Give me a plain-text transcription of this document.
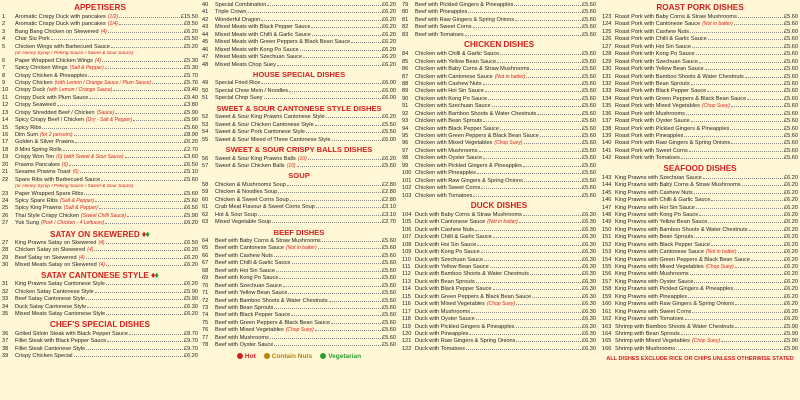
APPETISERS
1	Aromatic Crispy Duck with pancakes (1/2)	£15.50
2	Aromatic Crispy Duck with pancakes (1/4)	£8.50
3	Bang Bang Chicken on Skewered (4)	£6.20
4	Char Siu Pork	£5.50
5	Chicken Wings with Barbecued Sauce	£5.20
(or Honey Syrup / Peking Sauce / Sweet & Sour Sauce)
6	Paper Wrapped Chicken Wings (4)	£5.30
7	Spicy Chicken Wings (Salt & Pepper)	£5.30
8	Crispy Chicken & Pineapples	£5.70
9	Crispy Chicken (with Lemon / Orange Sauce / Plum Sauce)	£5.70
10	Crispy Duck (with Lemon / Orange Sauce)	£9.40
11	Crispy Duck with Plum Sauce	£9.40
12	Crispy Seaweed	£3.80
13	Crispy Shredded Beef / Chicken (Sauce)	£5.90
14	Spicy Crispy Beef / Chicken (Dry - Salt & Pepper)	£5.90
15	Spicy Ribs	£5.60
16	Dim Sum (for 2 persons)	£8.90
17	Golden & Silver Prawns	£6.20
18	8 Mini Spring Rolls	£2.70
19	Crispy Won Ton (6) (with Sweet & Sour Sauce)	£3.60
20	Prawns Pancakes (6)	£6.50
21	Sesame Prawns Toast (6)	£5.10
22	Spare Ribs with Barbecued Sauce	£5.60
(or Honey Syrup / Peking Sauce / Sweet & Sour Sauce)
23	Paper Wrapped Spare Ribs	£5.60
24	Spicy Spare Ribs (Salt & Pepper)	£5.60
25	Spicy King Prawns (Salt & Pepper)	£6.50
26	Thai Style Crispy Chicken (Sweet Chilli Sauce)	£5.90
27	Yuk Sung (Pork / Chicken - 4 Lettuces)	£6.20
SATAY ON SKEWERED ♦♦
27	King Prawns Satay on Skewered (4)	£6.50
28	Chicken Satay on Skewered (4)	£6.20
29	Beef Satay on Skewered (4)	£6.20
30	Mixed Meats Satay on Skewered (4)	£6.20
SATAY CANTONESE STYLE ♦♦
31	King Prawns Satay Cantonese Style	£6.20
32	Chicken Satay Cantonese Style	£5.90
33	Beef Satay Cantonese Style	£5.90
34	Duck Satay Cantonese Style	£6.30
35	Mixed Meats Satay Cantonese Style	£6.20
CHEF'S SPECIAL DISHES
36	Grilled Sirloin Steak with Black Pepper Sauce	£8.70
37	Fillet Steak with Black Pepper Sauce	£9.70
38	Fillet Steak Cantonese Style	£9.70
39	Crispy Chicken Special	£6.20
40	Special Combination	£6.20
41	Triple Crown	£6.20
42	Wonderful Dragon	£6.20
43	Mixed Meats with Black Pepper Sauce	£6.20
44	Mixed Meats with Chilli & Garlic Sauce	£6.20
45	Mixed Meats with Green Peppers & Black Bean Sauce	£6.20
46	Mixed Meats with Kong Po Sauce	£6.20
47	Mixed Meats with Szechuan Sauce	£6.20
48	Mixed Meats Chop Suey	£6.20
HOUSE SPECIAL DISHES
49	Special Fried Rice	£6.00
50	Special Chow Mein / Noodles	£6.00
51	Special Chop Suey	£6.00
SWEET & SOUR CANTONESE STYLE DISHES
52	Sweet & Sour King Prawns Cantonese Style	£6.20
53	Sweet & Sour Chicken Cantonese Style	£5.50
54	Sweet & Sour Pork Cantonese Style	£5.50
55	Sweet & Sour Mixed of Three Cantonese Style	£6.00
SWEET & SOUR CRISPY BALLS DISHES
56	Sweet & Sour King Prawns Balls (10)	£6.20
57	Sweet & Sour Chicken Balls (10)	£5.60
SOUP
58	Chicken & Mushrooms Soup	£2.80
59	Chicken & Noodles Soup	£2.80
60	Chicken & Sweet Corns Soup	£2.80
61	Crab Meat Flavour & Sweet Corns Soup	£3.10
62	Hot & Sour Soup	£3.10
63	Mixed Vegetable Soup	£2.70
BEEF DISHES
64	Beef with Baby Corns & Straw Mushrooms	£5.60
65	Beef with Cantonese Sauce (Not in batter)	£5.60
66	Beef with Cashew Nuts	£5.60
67	Beef with Chilli & Garlic Sauce	£5.60
68	Beef with Hoi Sin Sauce	£5.60
69	Beef with Kong Po Sauce	£5.60
70	Beef with Szechuan Sauce	£5.60
71	Beef with Yellow Bean Sauce	£5.60
72	Beef with Bamboo Shoots & Water Chestnuts	£5.60
73	Beef with Bean Sprouts	£5.60
74	Beef with Black Pepper Sauce	£5.60
75	Beef with Green Peppers & Black Bean Sauce	£5.60
76	Beef with Mixed Vegetables (Chop Suey)	£5.60
77	Beef with Mushrooms	£5.60
78	Beef with Oyster Sauce	£5.60
Hot	Contain Nuts	Vegetarian
79	Beef with Pickled Gingers & Pineapples	£5.60
80	Beef with Pineapples	£5.60
81	Beef with Raw Gingers & Spring Onions	£5.60
82	Beef with Sweet Corns	£5.60
83	Beef with Tomatoes	£5.60
CHICKEN DISHES
84	Chicken with Chilli & Garlic Sauce	£5.60
85	Chicken with Yellow Bean Sauce	£5.60
86	Chicken with Baby Corns & Straw Mushrooms	£5.60
87	Chicken with Cantonese Sauce (Not in batter)	£5.60
88	Chicken with Cashew Nuts	£5.60
89	Chicken with Hoi Sin Sauce	£5.60
90	Chicken with Kong Po Sauce	£5.60
91	Chicken with Szechuan Sauce	£5.60
92	Chicken with Bamboo Shoots & Water Chestnuts	£5.60
93	Chicken with Bean Sprouts	£5.60
94	Chicken with Black Pepper Sauce	£5.60
95	Chicken with Green Peppers & Black Bean Sauce	£5.60
96	Chicken with Mixed Vegetables (Chop Suey)	£5.60
97	Chicken with Mushrooms	£5.60
98	Chicken with Oyster Sauce	£5.60
99	Chicken with Pickled Gingers & Pineapples	£5.60
100 Chicken with Pineapples	£5.60
101 Chicken with Raw Gingers & Spring Onions	£5.60
102 Chicken with Sweet Corns	£5.60
103 Chicken with Tomatoes	£5.60
DUCK DISHES
104 Duck with Baby Corns & Straw Mushrooms	£6.30
105 Duck with Cantonese Sauce (Not in batter)	£6.30
106 Duck with Cashew Nuts	£6.30
107 Duck with Chilli & Garlic Sauce	£6.30
108 Duck with Hoi Sin Sauce	£6.30
109 Duck with Kong Po Sauce	£6.30
110 Duck with Szechuan Sauce	£6.30
111 Duck with Yellow Bean Sauce	£6.30
112 Duck with Bamboo Shoots & Water Chestnuts	£6.30
113 Duck with Bean Sprouts	£6.30
114 Duck with Black Pepper Sauce	£6.30
115 Duck with Green Peppers & Black Bean Sauce	£6.30
116 Duck with Mixed Vegetables (Chop Suey)	£6.30
117 Duck with Mushrooms	£6.30
118 Duck with Oyster Sauce	£6.30
119 Duck with Pickled Gingers & Pineapples	£6.30
120 Duck with Pineapples	£6.30
121 Duck with Raw Gingers & Spring Onions	£6.30
122 Duck with Tomatoes	£6.30
ROAST PORK DISHES
123 Roast Pork with Baby Corns & Straw Mushrooms	£5.60
124 Roast Pork with Cantonese Sauce (Not in batter)	£5.60
125 Roast Pork with Cashew Nuts	£5.60
126 Roast Pork with Chilli & Garlic Sauce	£5.60
127 Roast Pork with Hoi Sin Sauce	£5.60
128 Roast Pork with Kong Po Sauce	£5.60
129 Roast Pork with Szechuan Sauce	£5.60
130 Roast Pork with Yellow Bean Sauce	£5.60
131 Roast Pork with Bamboo Shoots & Water Chestnuts	£5.60
132 Roast Pork with Bean Sprouts	£5.60
133 Roast Pork with Black Pepper Sauce	£5.60
134 Roast Pork with Green Peppers & Black Bean Sauce	£5.60
135 Roast Pork with Mixed Vegetables (Chop Suey)	£5.60
136 Roast Pork with Mushrooms	£5.60
137 Roast Pork with Oyster Sauce	£5.60
138 Roast Pork with Pickled Gingers & Pineapples	£5.60
139 Roast Pork with Pineapples	£5.60
140 Roast Pork with Raw Gingers & Spring Onions	£5.60
141 Roast Pork with Sweet Corns	£5.60
142 Roast Pork with Tomatoes	£5.60
SEAFOOD DISHES
143 King Prawns with Szechuan Sauce	£6.20
144 King Prawns with Baby Corns & Straw Mushrooms	£6.20
145 King Prawns with Cashew Nuts	£6.20
146 King Prawns with Chilli & Garlic Sauce	£6.20
147 King Prawns with Hoi Sin Sauce	£6.20
148 King Prawns with Kong Po Sauce	£6.20
149 King Prawns with Yellow Bean Sauce	£6.20
150 King Prawns with Bamboo Shoots & Water Chestnuts	£6.20
151 King Prawns with Bean Sprouts	£6.20
152 King Prawns with Black Pepper Sauce	£6.20
153 King Prawns with Cantonese Sauce (Not in batter)	£6.20
154 King Prawns with Green Peppers & Black Bean Sauce	£6.20
155 King Prawns with Mixed Vegetables (Chop Suey)	£6.20
156 King Prawns with Mushrooms	£6.20
157 King Prawns with Oyster Sauce	£6.20
158 King Prawns with Pickled Gingers & Pineapples	£6.20
159 King Prawns with Pineapples	£6.20
160 King Prawns with Raw Gingers & Spring Onions	£6.20
161 King Prawns with Sweet Corns	£6.20
162 King Prawns with Tomatoes	£6.20
163 Shrimp with Bamboo Shoots & Water Chestnuts	£5.90
164 Shrimp with Bean Sprouts	£5.90
165 Shrimp with Mixed Vegetables (Chop Suey)	£5.90
166 Shrimp with Mushrooms	£5.90
ALL DISHES EXCLUDE RICE OR CHIPS UNLESS OTHERWISE STATED
